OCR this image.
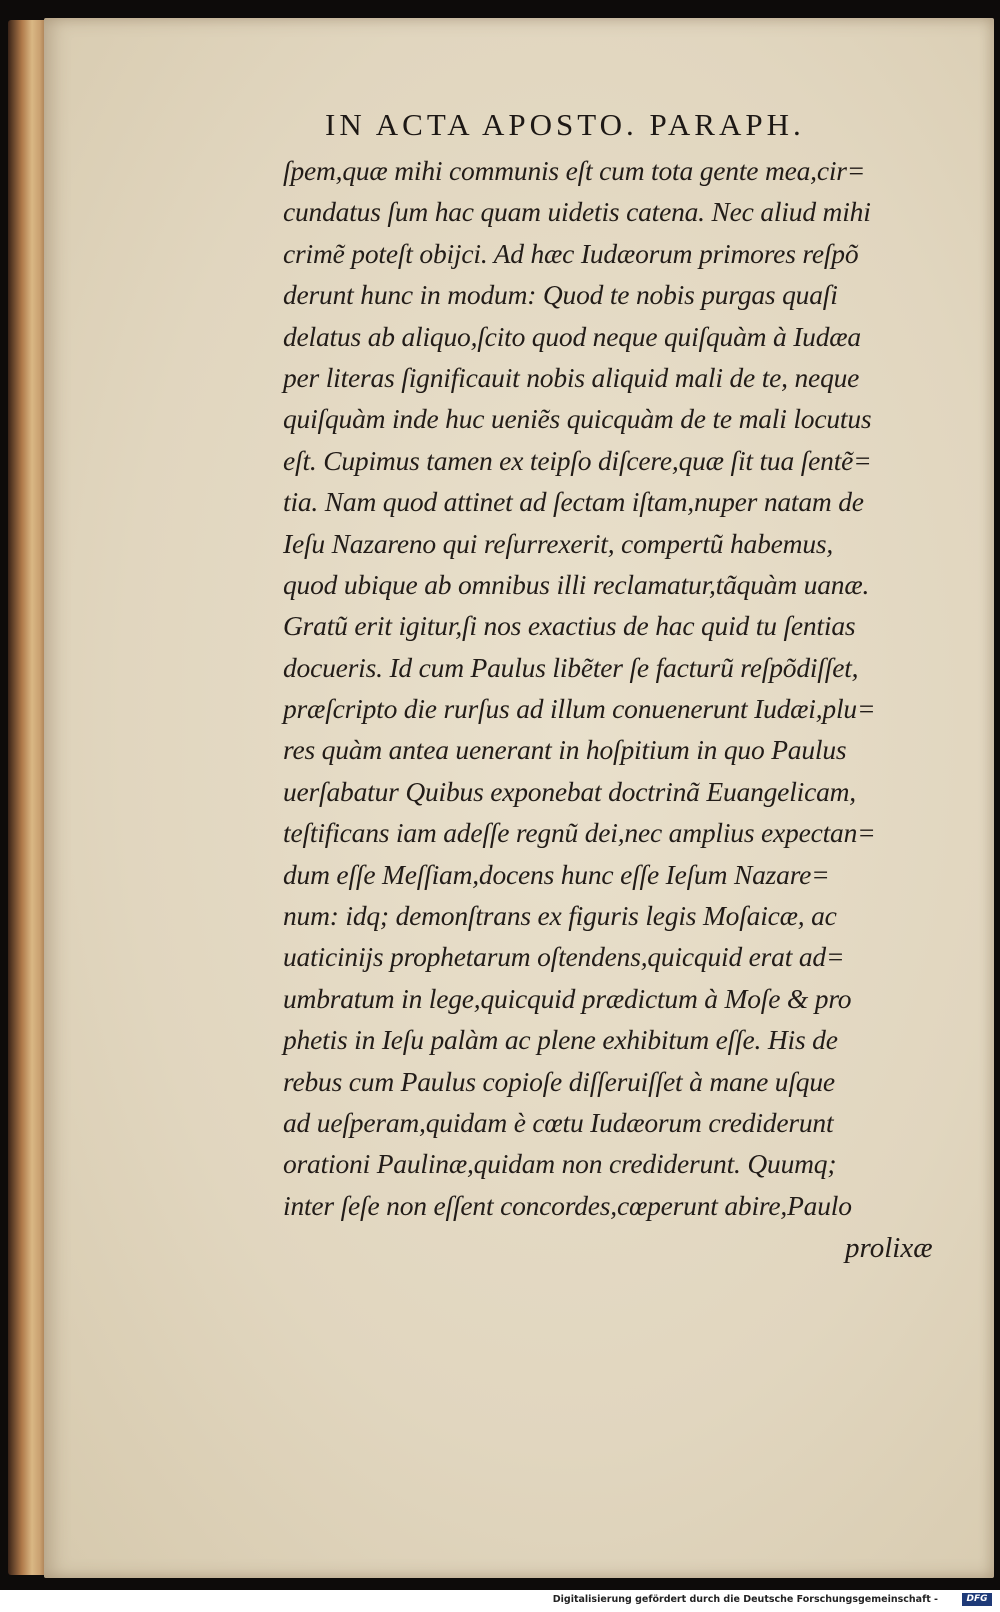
IN ACTA APOSTO. PARAPH.
ſpem,quæ mihi communis eſt cum tota gente mea,cir=
cundatus ſum hac quam uidetis catena. Nec aliud mihi
crimẽ poteſt obijci. Ad hæc Iudæorum primores reſpõ
derunt hunc in modum: Quod te nobis purgas quaſi
delatus ab aliquo,ſcito quod neque quiſquàm à Iudæa
per literas ſignificauit nobis aliquid mali de te, neque
quiſquàm inde huc ueniẽs quicquàm de te mali locutus
eſt. Cupimus tamen ex teipſo diſcere,quæ ſit tua ſentẽ=
tia. Nam quod attinet ad ſectam iſtam,nuper natam de
Ieſu Nazareno qui reſurrexerit, compertũ habemus,
quod ubique ab omnibus illi reclamatur,tãquàm uanæ.
Gratũ erit igitur,ſi nos exactius de hac quid tu ſentias
docueris. Id cum Paulus libẽter ſe facturũ reſpõdiſſet,
præſcripto die rurſus ad illum conuenerunt Iudæi,plu=
res quàm antea uenerant in hoſpitium in quo Paulus
uerſabatur Quibus exponebat doctrinã Euangelicam,
teſtificans iam adeſſe regnũ dei,nec amplius expectan=
dum eſſe Meſſiam,docens hunc eſſe Ieſum Nazare=
num: idq; demonſtrans ex figuris legis Moſaicæ, ac
uaticinijs prophetarum oſtendens,quicquid erat ad=
umbratum in lege,quicquid prædictum à Moſe & pro
phetis in Ieſu palàm ac plene exhibitum eſſe. His de
rebus cum Paulus copioſe diſſeruiſſet à mane uſque
ad ueſperam,quidam è cœtu Iudæorum crediderunt
orationi Paulinæ,quidam non crediderunt. Quumq;
inter ſeſe non eſſent concordes,cœperunt abire,Paulo
prolixæ
Digitalisierung gefördert durch die Deutsche Forschungsgemeinschaft -	DFG
